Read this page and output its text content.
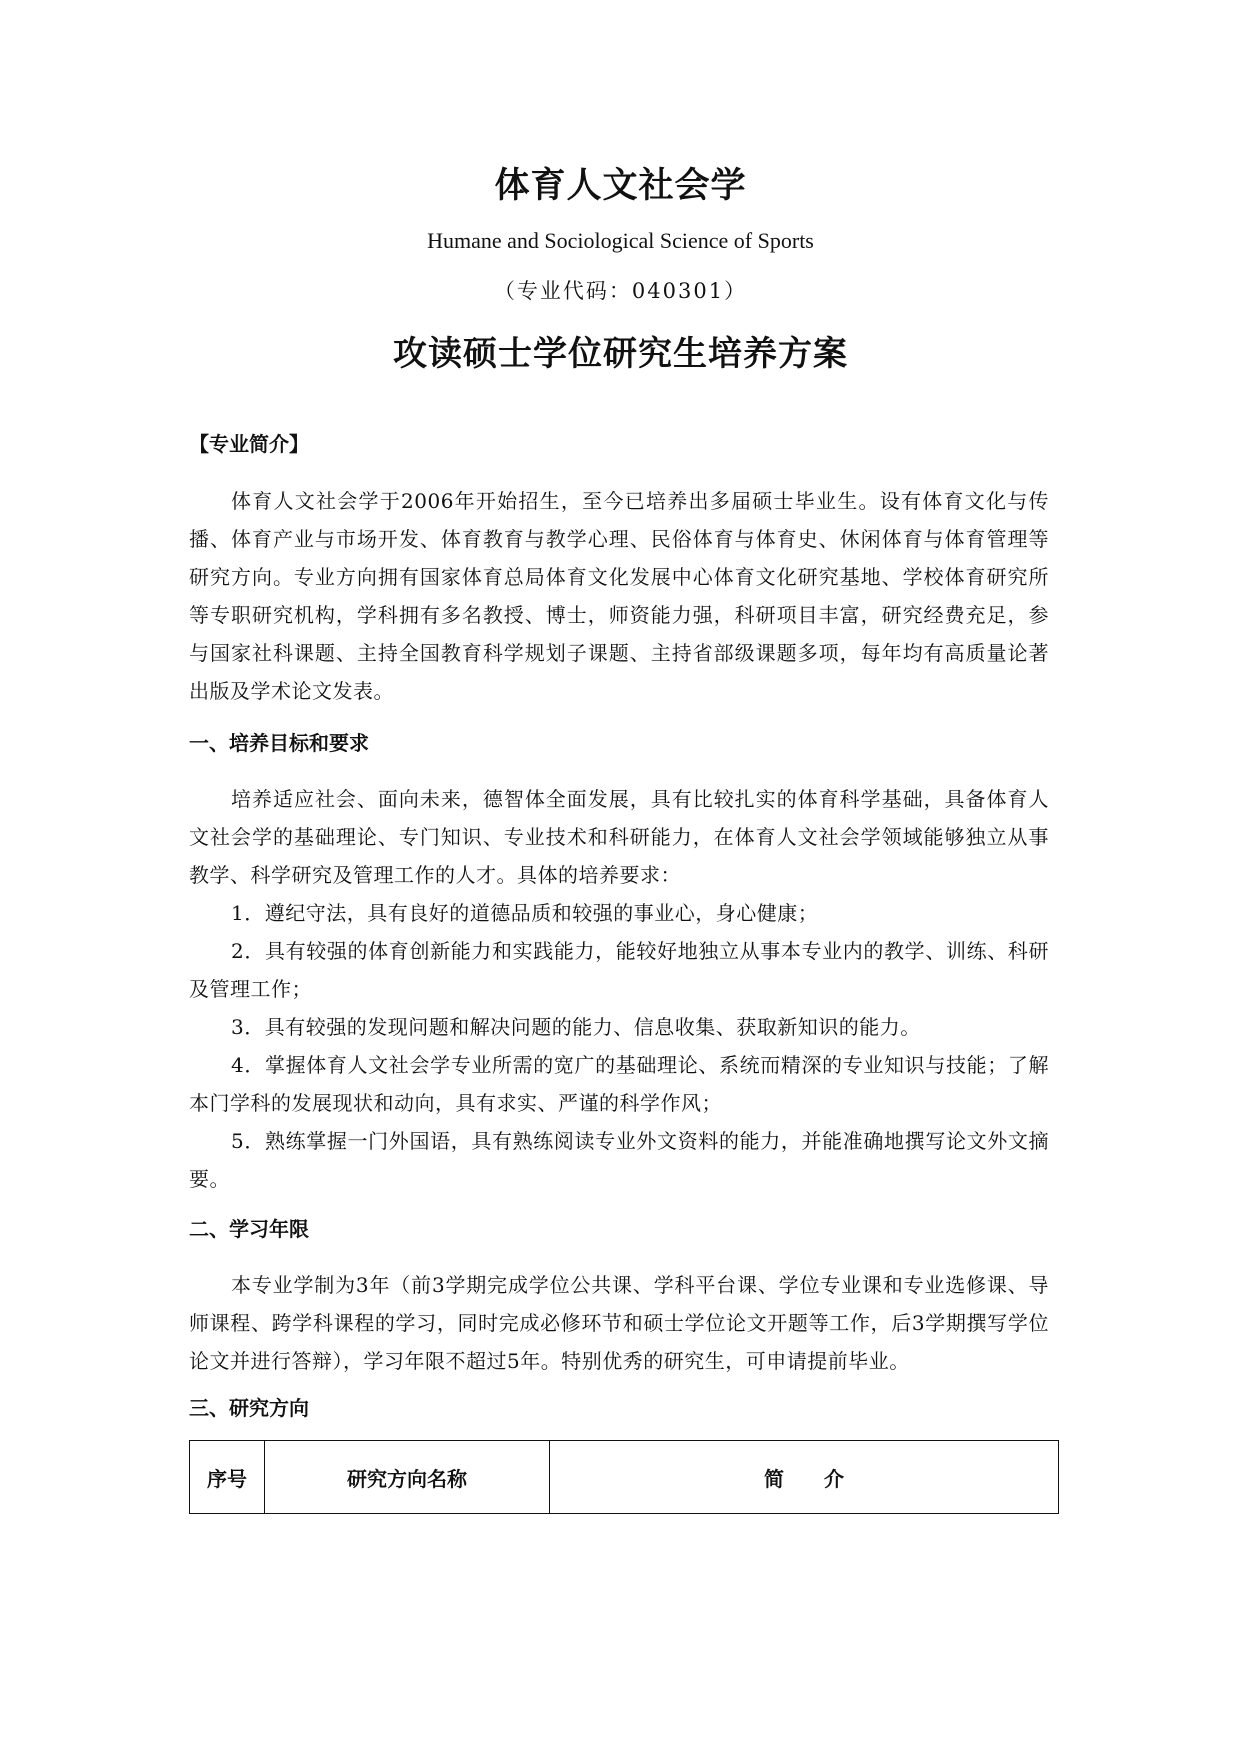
体育人文社会学
Humane and Sociological Science of Sports
（专业代码：040301）
攻读硕士学位研究生培养方案
【专业简介】
体育人文社会学于2006年开始招生，至今已培养出多届硕士毕业生。设有体育文化与传播、体育产业与市场开发、体育教育与教学心理、民俗体育与体育史、休闲体育与体育管理等研究方向。专业方向拥有国家体育总局体育文化发展中心体育文化研究基地、学校体育研究所等专职研究机构，学科拥有多名教授、博士，师资能力强，科研项目丰富，研究经费充足，参与国家社科课题、主持全国教育科学规划子课题、主持省部级课题多项，每年均有高质量论著出版及学术论文发表。
一、培养目标和要求
培养适应社会、面向未来，德智体全面发展，具有比较扎实的体育科学基础，具备体育人文社会学的基础理论、专门知识、专业技术和科研能力，在体育人文社会学领域能够独立从事教学、科学研究及管理工作的人才。具体的培养要求：
1．遵纪守法，具有良好的道德品质和较强的事业心，身心健康；
2．具有较强的体育创新能力和实践能力，能较好地独立从事本专业内的教学、训练、科研及管理工作；
3．具有较强的发现问题和解决问题的能力、信息收集、获取新知识的能力。
4．掌握体育人文社会学专业所需的宽广的基础理论、系统而精深的专业知识与技能；了解本门学科的发展现状和动向，具有求实、严谨的科学作风；
5．熟练掌握一门外国语，具有熟练阅读专业外文资料的能力，并能准确地撰写论文外文摘要。
二、学习年限
本专业学制为3年（前3学期完成学位公共课、学科平台课、学位专业课和专业选修课、导师课程、跨学科课程的学习，同时完成必修环节和硕士学位论文开题等工作，后3学期撰写学位论文并进行答辩），学习年限不超过5年。特别优秀的研究生，可申请提前毕业。
三、研究方向
序号	研究方向名称	简　　介
